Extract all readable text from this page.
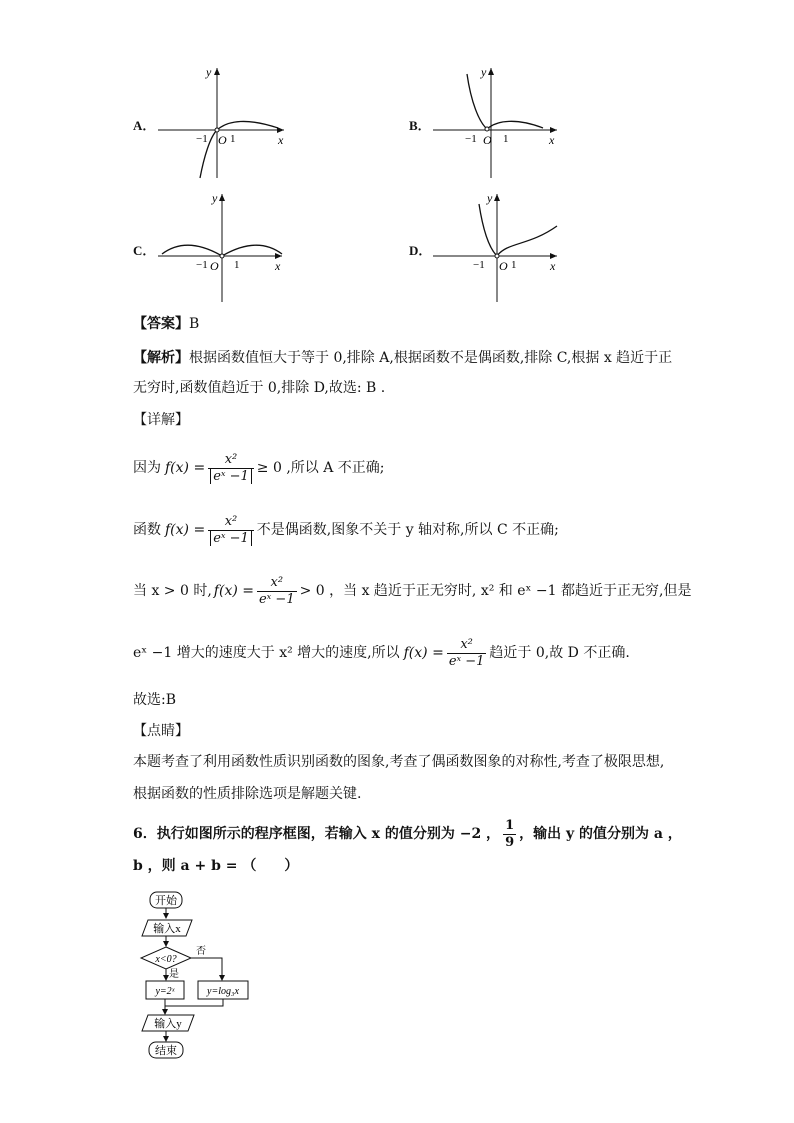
A．
y
x
O
−1 1
B．
y
x
O
−1 1
C．
y
x
O
−1 1
D．
y
x
O
−1 1
【答案】B
【解析】根据函数值恒大于等于 0,排除 A,根据函数不是偶函数,排除 C,根据 x 趋近于正
无穷时,函数值趋近于 0,排除 D,故选: B .
【详解】
因为 $f(x) = \frac{\text{x²}}{\text{eˣ −1}} \ge 0$ ,所以 A 不正确;
函数 $f(x) = \frac{\text{x²}}{\text{eˣ −1}}$ 不是偶函数,图象不关于 y 轴对称,所以 C 不正确;
当 x > 0 时, $f(x) = \frac{\text{x²}}{\text{eˣ −1}} > 0$ ，当 x 趋近于正无穷时, x² 和 eˣ −1 都趋近于正无穷,但是
eˣ −1 增大的速度大于 x² 增大的速度,所以 $f(x) = \frac{\text{x²}}{\text{eˣ −1}}$ 趋近于 0,故 D 不正确.
故选:B
【点睛】
本题考查了利用函数性质识别函数的图象,考查了偶函数图象的对称性,考查了极限思想,
根据函数的性质排除选项是解题关键.
6．执行如图所示的程序框图，若输入 x 的值分别为 −2 ， $\frac{1}{9}$ ，输出 y 的值分别为 a ，
b ，则 a + b = （　　）
开始
输入x
x<0?
是
否
y=2ˣ	y=log₃x
输入y
结束
